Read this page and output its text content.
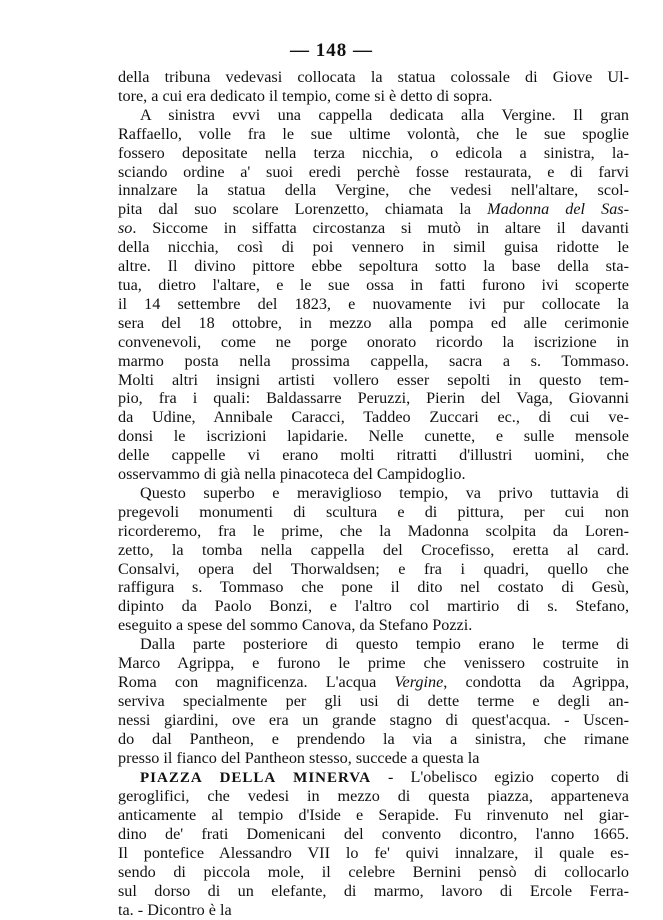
— 148 —
della tribuna vedevasi collocata la statua colossale di Giove Ul-
tore, a cui era dedicato il tempio, come si è detto di sopra.
A sinistra evvi una cappella dedicata alla Vergine. Il gran
Raffaello, volle fra le sue ultime volontà, che le sue spoglie
fossero depositate nella terza nicchia, o edicola a sinistra, la-
sciando ordine a' suoi eredi perchè fosse restaurata, e di farvi
innalzare la statua della Vergine, che vedesi nell'altare, scol-
pita dal suo scolare Lorenzetto, chiamata la Madonna del Sas-
so. Siccome in siffatta circostanza si mutò in altare il davanti
della nicchia, così di poi vennero in simil guisa ridotte le
altre. Il divino pittore ebbe sepoltura sotto la base della sta-
tua, dietro l'altare, e le sue ossa in fatti furono ivi scoperte
il 14 settembre del 1823, e nuovamente ivi pur collocate la
sera del 18 ottobre, in mezzo alla pompa ed alle cerimonie
convenevoli, come ne porge onorato ricordo la iscrizione in
marmo posta nella prossima cappella, sacra a s. Tommaso.
Molti altri insigni artisti vollero esser sepolti in questo tem-
pio, fra i quali: Baldassarre Peruzzi, Pierin del Vaga, Giovanni
da Udine, Annibale Caracci, Taddeo Zuccari ec., di cui ve-
donsi le iscrizioni lapidarie. Nelle cunette, e sulle mensole
delle cappelle vi erano molti ritratti d'illustri uomini, che
osservammo di già nella pinacoteca del Campidoglio.
Questo superbo e meraviglioso tempio, va privo tuttavia di
pregevoli monumenti di scultura e di pittura, per cui non
ricorderemo, fra le prime, che la Madonna scolpita da Loren-
zetto, la tomba nella cappella del Crocefisso, eretta al card.
Consalvi, opera del Thorwaldsen; e fra i quadri, quello che
raffigura s. Tommaso che pone il dito nel costato di Gesù,
dipinto da Paolo Bonzi, e l'altro col martirio di s. Stefano,
eseguito a spese del sommo Canova, da Stefano Pozzi.
Dalla parte posteriore di questo tempio erano le terme di
Marco Agrippa, e furono le prime che venissero costruite in
Roma con magnificenza. L'acqua Vergine, condotta da Agrippa,
serviva specialmente per gli usi di dette terme e degli an-
nessi giardini, ove era un grande stagno di quest'acqua. - Uscen-
do dal Pantheon, e prendendo la via a sinistra, che rimane
presso il fianco del Pantheon stesso, succede a questa la
PIAZZA DELLA MINERVA - L'obelisco egizio coperto di
geroglifici, che vedesi in mezzo di questa piazza, apparteneva
anticamente al tempio d'Iside e Serapide. Fu rinvenuto nel giar-
dino de' frati Domenicani del convento dicontro, l'anno 1665.
Il pontefice Alessandro VII lo fe' quivi innalzare, il quale es-
sendo di piccola mole, il celebre Bernini pensò di collocarlo
sul dorso di un elefante, di marmo, lavoro di Ercole Ferra-
ta. - Dicontro è la
